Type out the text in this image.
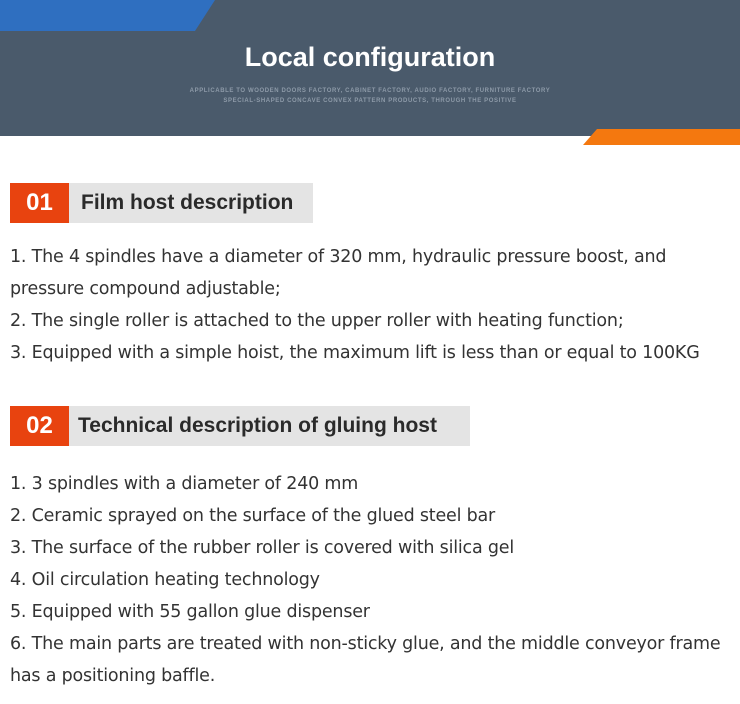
Local configuration
APPLICABLE TO WOODEN DOORS FACTORY, CABINET FACTORY, AUDIO FACTORY, FURNITURE FACTORY
SPECIAL-SHAPED CONCAVE CONVEX PATTERN PRODUCTS, THROUGH THE POSITIVE
01	Film host description

1. The 4 spindles have a diameter of 320 mm, hydraulic pressure boost, and pressure compound adjustable;

2. The single roller is attached to the upper roller with heating function;

3. Equipped with a simple hoist, the maximum lift is less than or equal to 100KG

02	Technical description of gluing host

1. 3 spindles with a diameter of 240 mm

2. Ceramic sprayed on the surface of the glued steel bar

3. The surface of the rubber roller is covered with silica gel

4. Oil circulation heating technology

5. Equipped with 55 gallon glue dispenser

6. The main parts are treated with non-sticky glue, and the middle conveyor frame has a positioning baffle.
